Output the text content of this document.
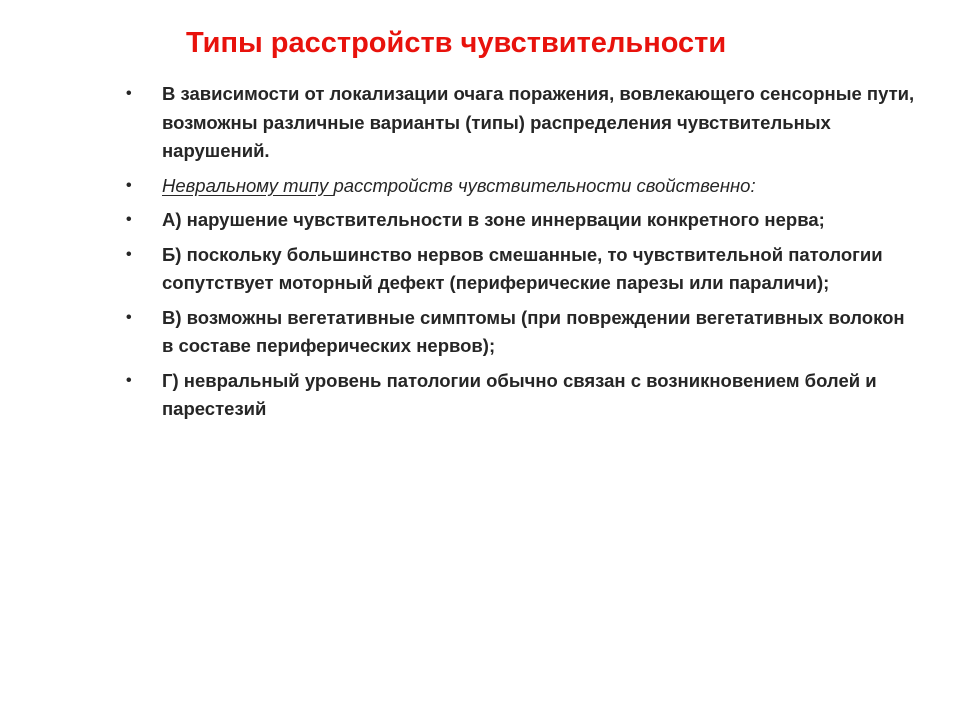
Типы расстройств чувствительности
•	В зависимости от локализации очага поражения, вовлекающего сенсорные пути, возможны различные варианты (типы) распределения чувствительных нарушений.
•	Невральному типу расстройств чувствительности свойственно:
•	А) нарушение чувствительности в зоне иннервации конкретного нерва;
•	Б) поскольку большинство нервов смешанные, то чувствительной патологии сопутствует моторный дефект (периферические парезы или параличи);
•	В) возможны вегетативные симптомы (при повреждении вегетативных волокон в составе периферических нервов);
•	Г) невральный уровень патологии обычно связан с возникновением болей и парестезий
